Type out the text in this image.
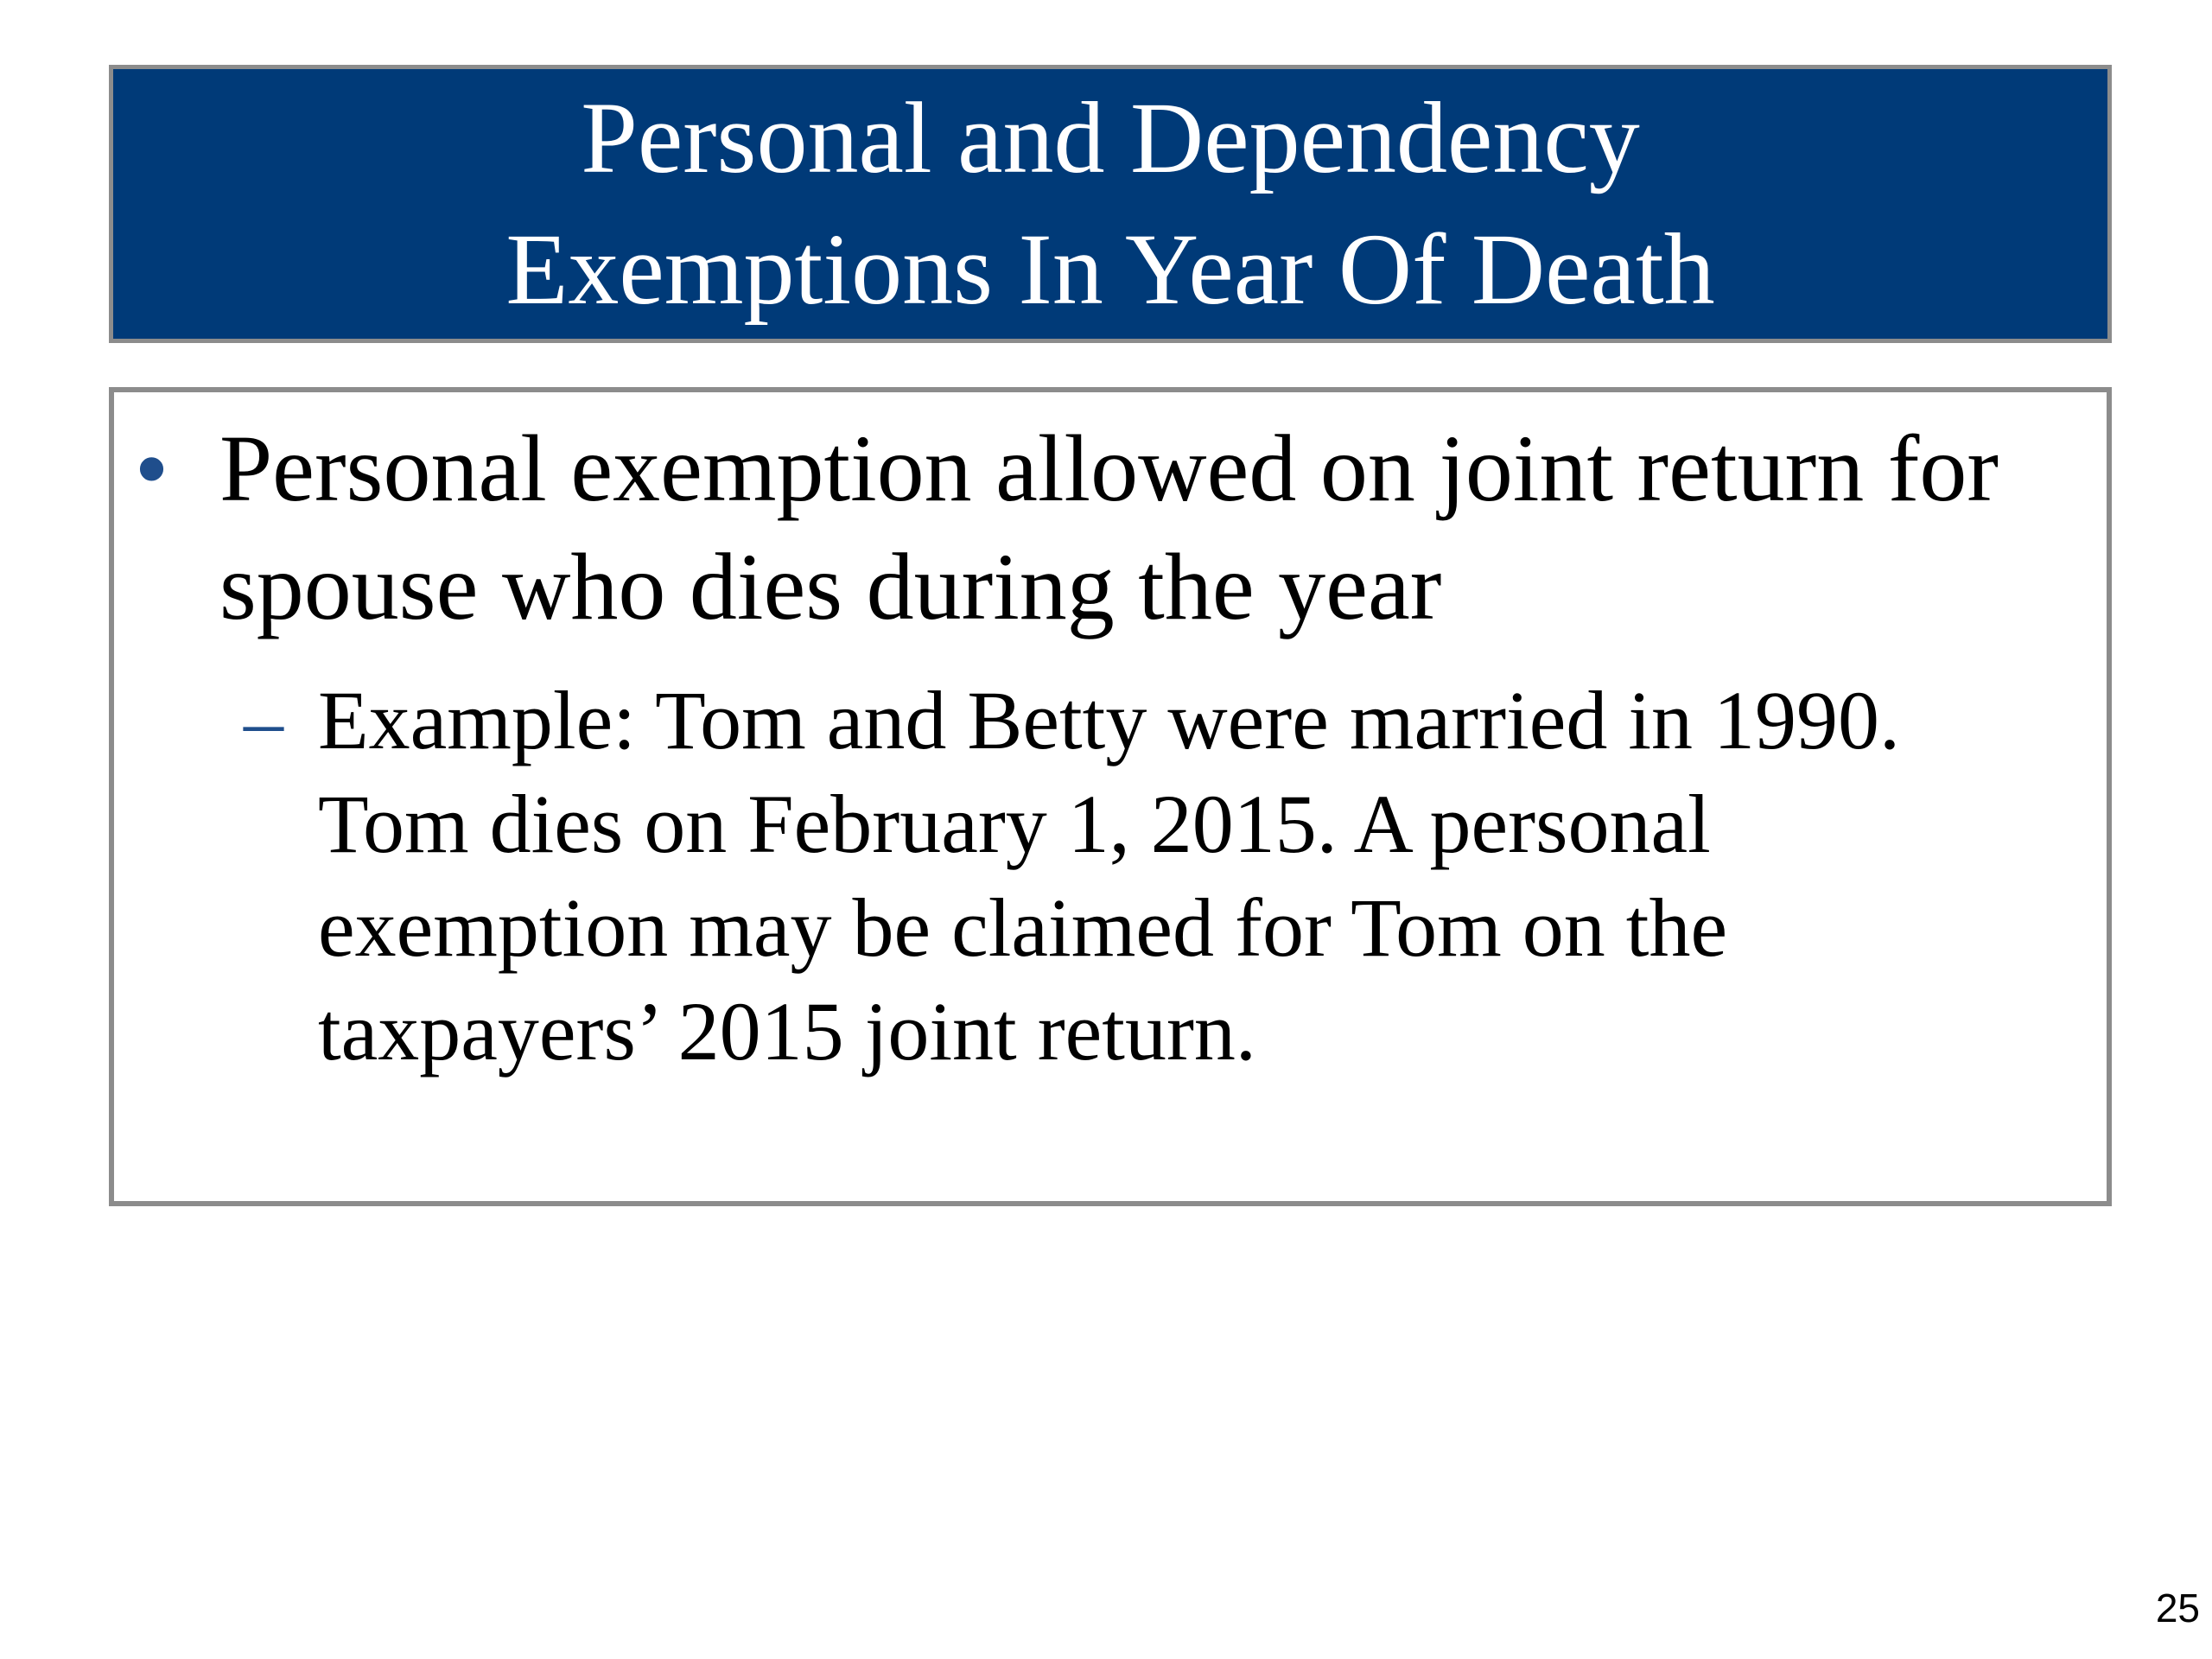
Personal and Dependency
Exemptions In Year Of Death
• Personal exemption allowed on joint return for spouse who dies during the year

– Example: Tom and Betty were married in 1990. Tom dies on February 1, 2015. A personal exemption may be claimed for Tom on the taxpayers’ 2015 joint return.

25
